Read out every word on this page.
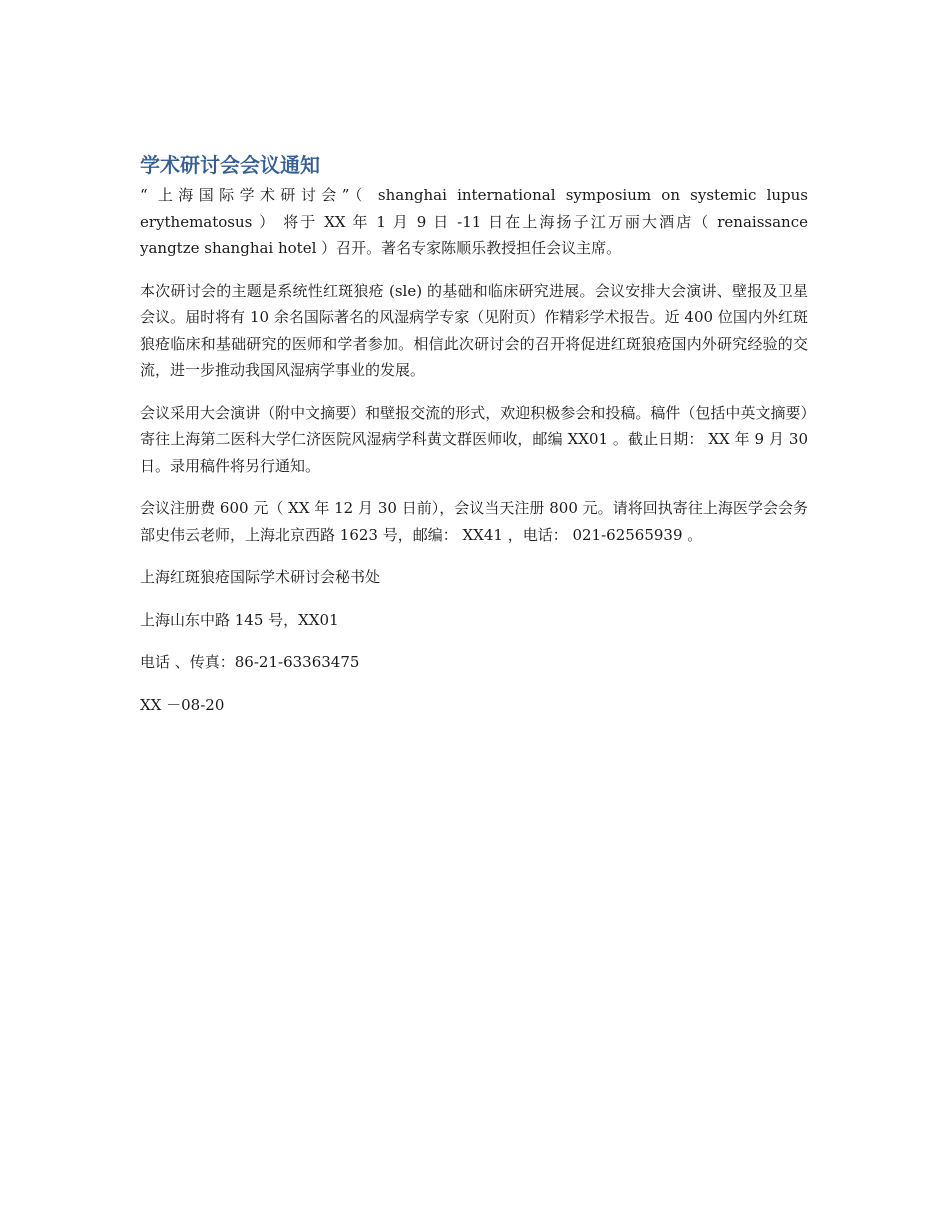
学术研讨会会议通知

“ 上海国际学术研讨会”（ shanghai international symposium on systemic lupus erythematosus ） 将于 XX 年 1 月 9 日 -11 日在上海扬子江万丽大酒店（ renaissance yangtze shanghai hotel ）召开。著名专家陈顺乐教授担任会议主席。

本次研讨会的主题是系统性红斑狼疮 (sle) 的基础和临床研究进展。会议安排大会演讲、壁报及卫星会议。届时将有 10 余名国际著名的风湿病学专家（见附页）作精彩学术报告。近 400 位国内外红斑狼疮临床和基础研究的医师和学者参加。相信此次研讨会的召开将促进红斑狼疮国内外研究经验的交流，进一步推动我国风湿病学事业的发展。

会议采用大会演讲（附中文摘要）和壁报交流的形式，欢迎积极参会和投稿。稿件（包括中英文摘要）寄往上海第二医科大学仁济医院风湿病学科黄文群医师收，邮编 XX01 。截止日期： XX 年 9 月 30 日。录用稿件将另行通知。

会议注册费 600 元（ XX 年 12 月 30 日前），会议当天注册 800 元。请将回执寄往上海医学会会务部史伟云老师，上海北京西路 1623 号，邮编： XX41 ，电话： 021-62565939 。

上海红斑狼疮国际学术研讨会秘书处

上海山东中路 145 号，XX01

电话 、传真：86-21-63363475

XX －08-20
